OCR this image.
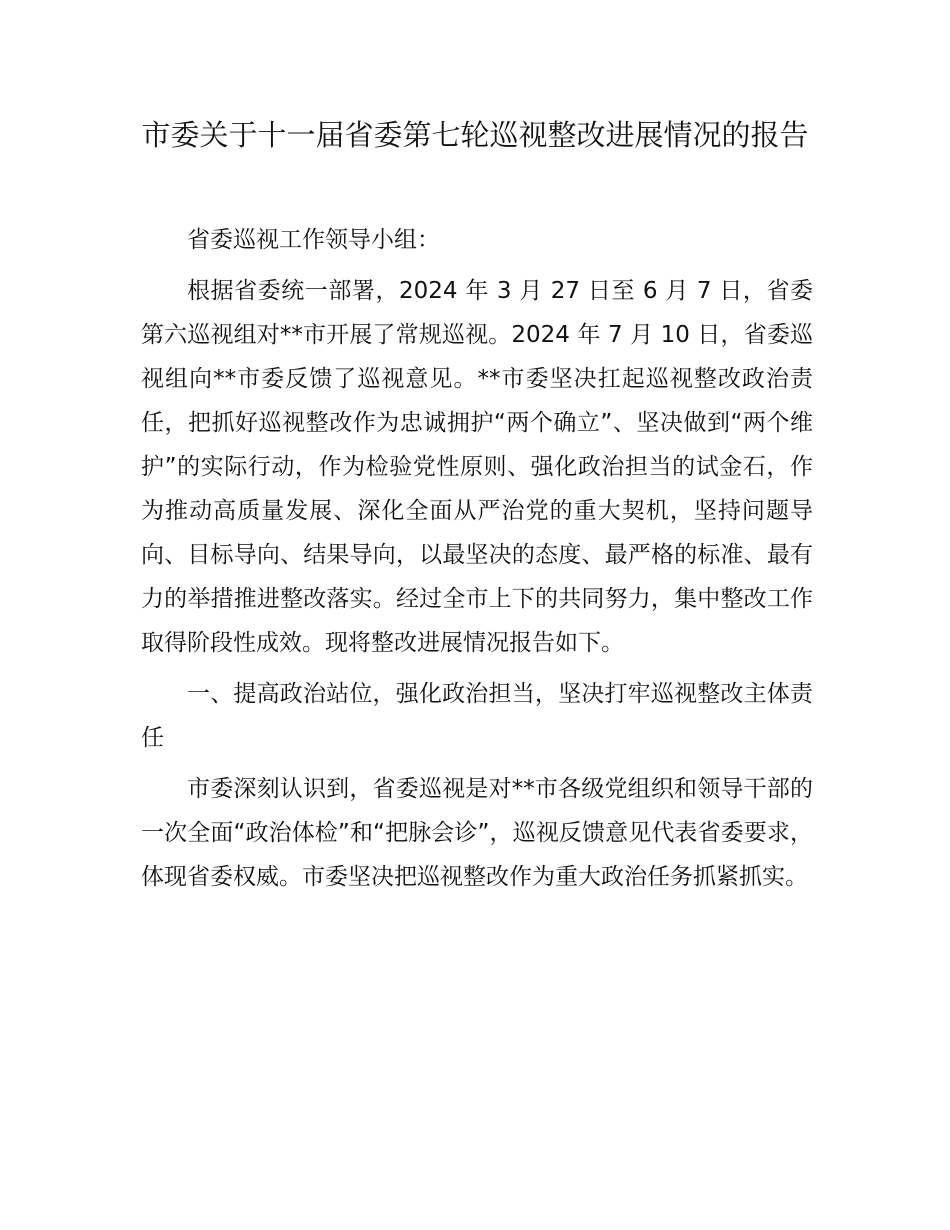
市委关于十一届省委第七轮巡视整改进展情况的报告

省委巡视工作领导小组：

根据省委统一部署，2024 年 3 月 27 日至 6 月 7 日，省委第六巡视组对**市开展了常规巡视。2024 年 7 月 10 日，省委巡视组向**市委反馈了巡视意见。**市委坚决扛起巡视整改政治责任，把抓好巡视整改作为忠诚拥护“两个确立”、坚决做到“两个维护”的实际行动，作为检验党性原则、强化政治担当的试金石，作为推动高质量发展、深化全面从严治党的重大契机，坚持问题导向、目标导向、结果导向，以最坚决的态度、最严格的标准、最有力的举措推进整改落实。经过全市上下的共同努力，集中整改工作取得阶段性成效。现将整改进展情况报告如下。

一、提高政治站位，强化政治担当，坚决打牢巡视整改主体责任

市委深刻认识到，省委巡视是对**市各级党组织和领导干部的一次全面“政治体检”和“把脉会诊”，巡视反馈意见代表省委要求，体现省委权威。市委坚决把巡视整改作为重大政治任务抓紧抓实。
